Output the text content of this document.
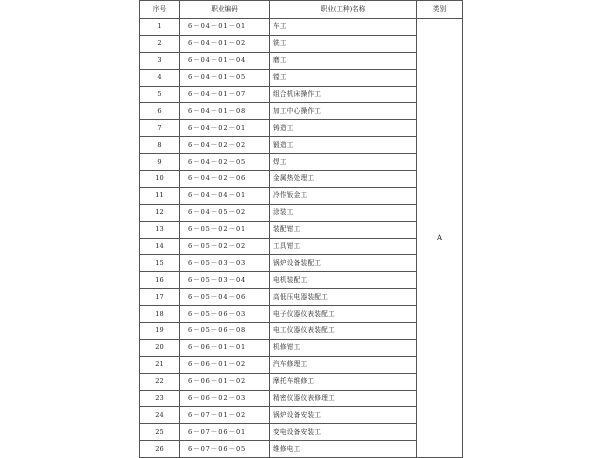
序号	职业编码	职业(工种)名称	类别
1	6－04－01－01	车工	A
2	6－04－01－02	铣工	
3	6－04－01－04	磨工	
4	6－04－01－05	镗工	
5	6－04－01－07	组合机床操作工	
6	6－04－01－08	加工中心操作工	
7	6－04－02－01	铸造工	
8	6－04－02－02	锻造工	
9	6－04－02－05	焊工	
10	6－04－02－06	金属热处理工	
11	6－04－04－01	冷作钣金工	
12	6－04－05－02	涂装工	
13	6－05－02－01	装配钳工	
14	6－05－02－02	工具钳工	
15	6－05－03－03	锅炉设备装配工	
16	6－05－03－04	电机装配工	
17	6－05－04－06	高低压电器装配工	
18	6－05－06－03	电子仪器仪表装配工	
19	6－05－06－08	电工仪器仪表装配工	
20	6－06－01－01	机修钳工	
21	6－06－01－02	汽车修理工	
22	6－06－01－02	摩托车维修工	
23	6－06－02－03	精密仪器仪表修理工	
24	6－07－01－02	锅炉设备安装工	
25	6－07－06－01	变电设备安装工	
26	6－07－06－05	维修电工	
